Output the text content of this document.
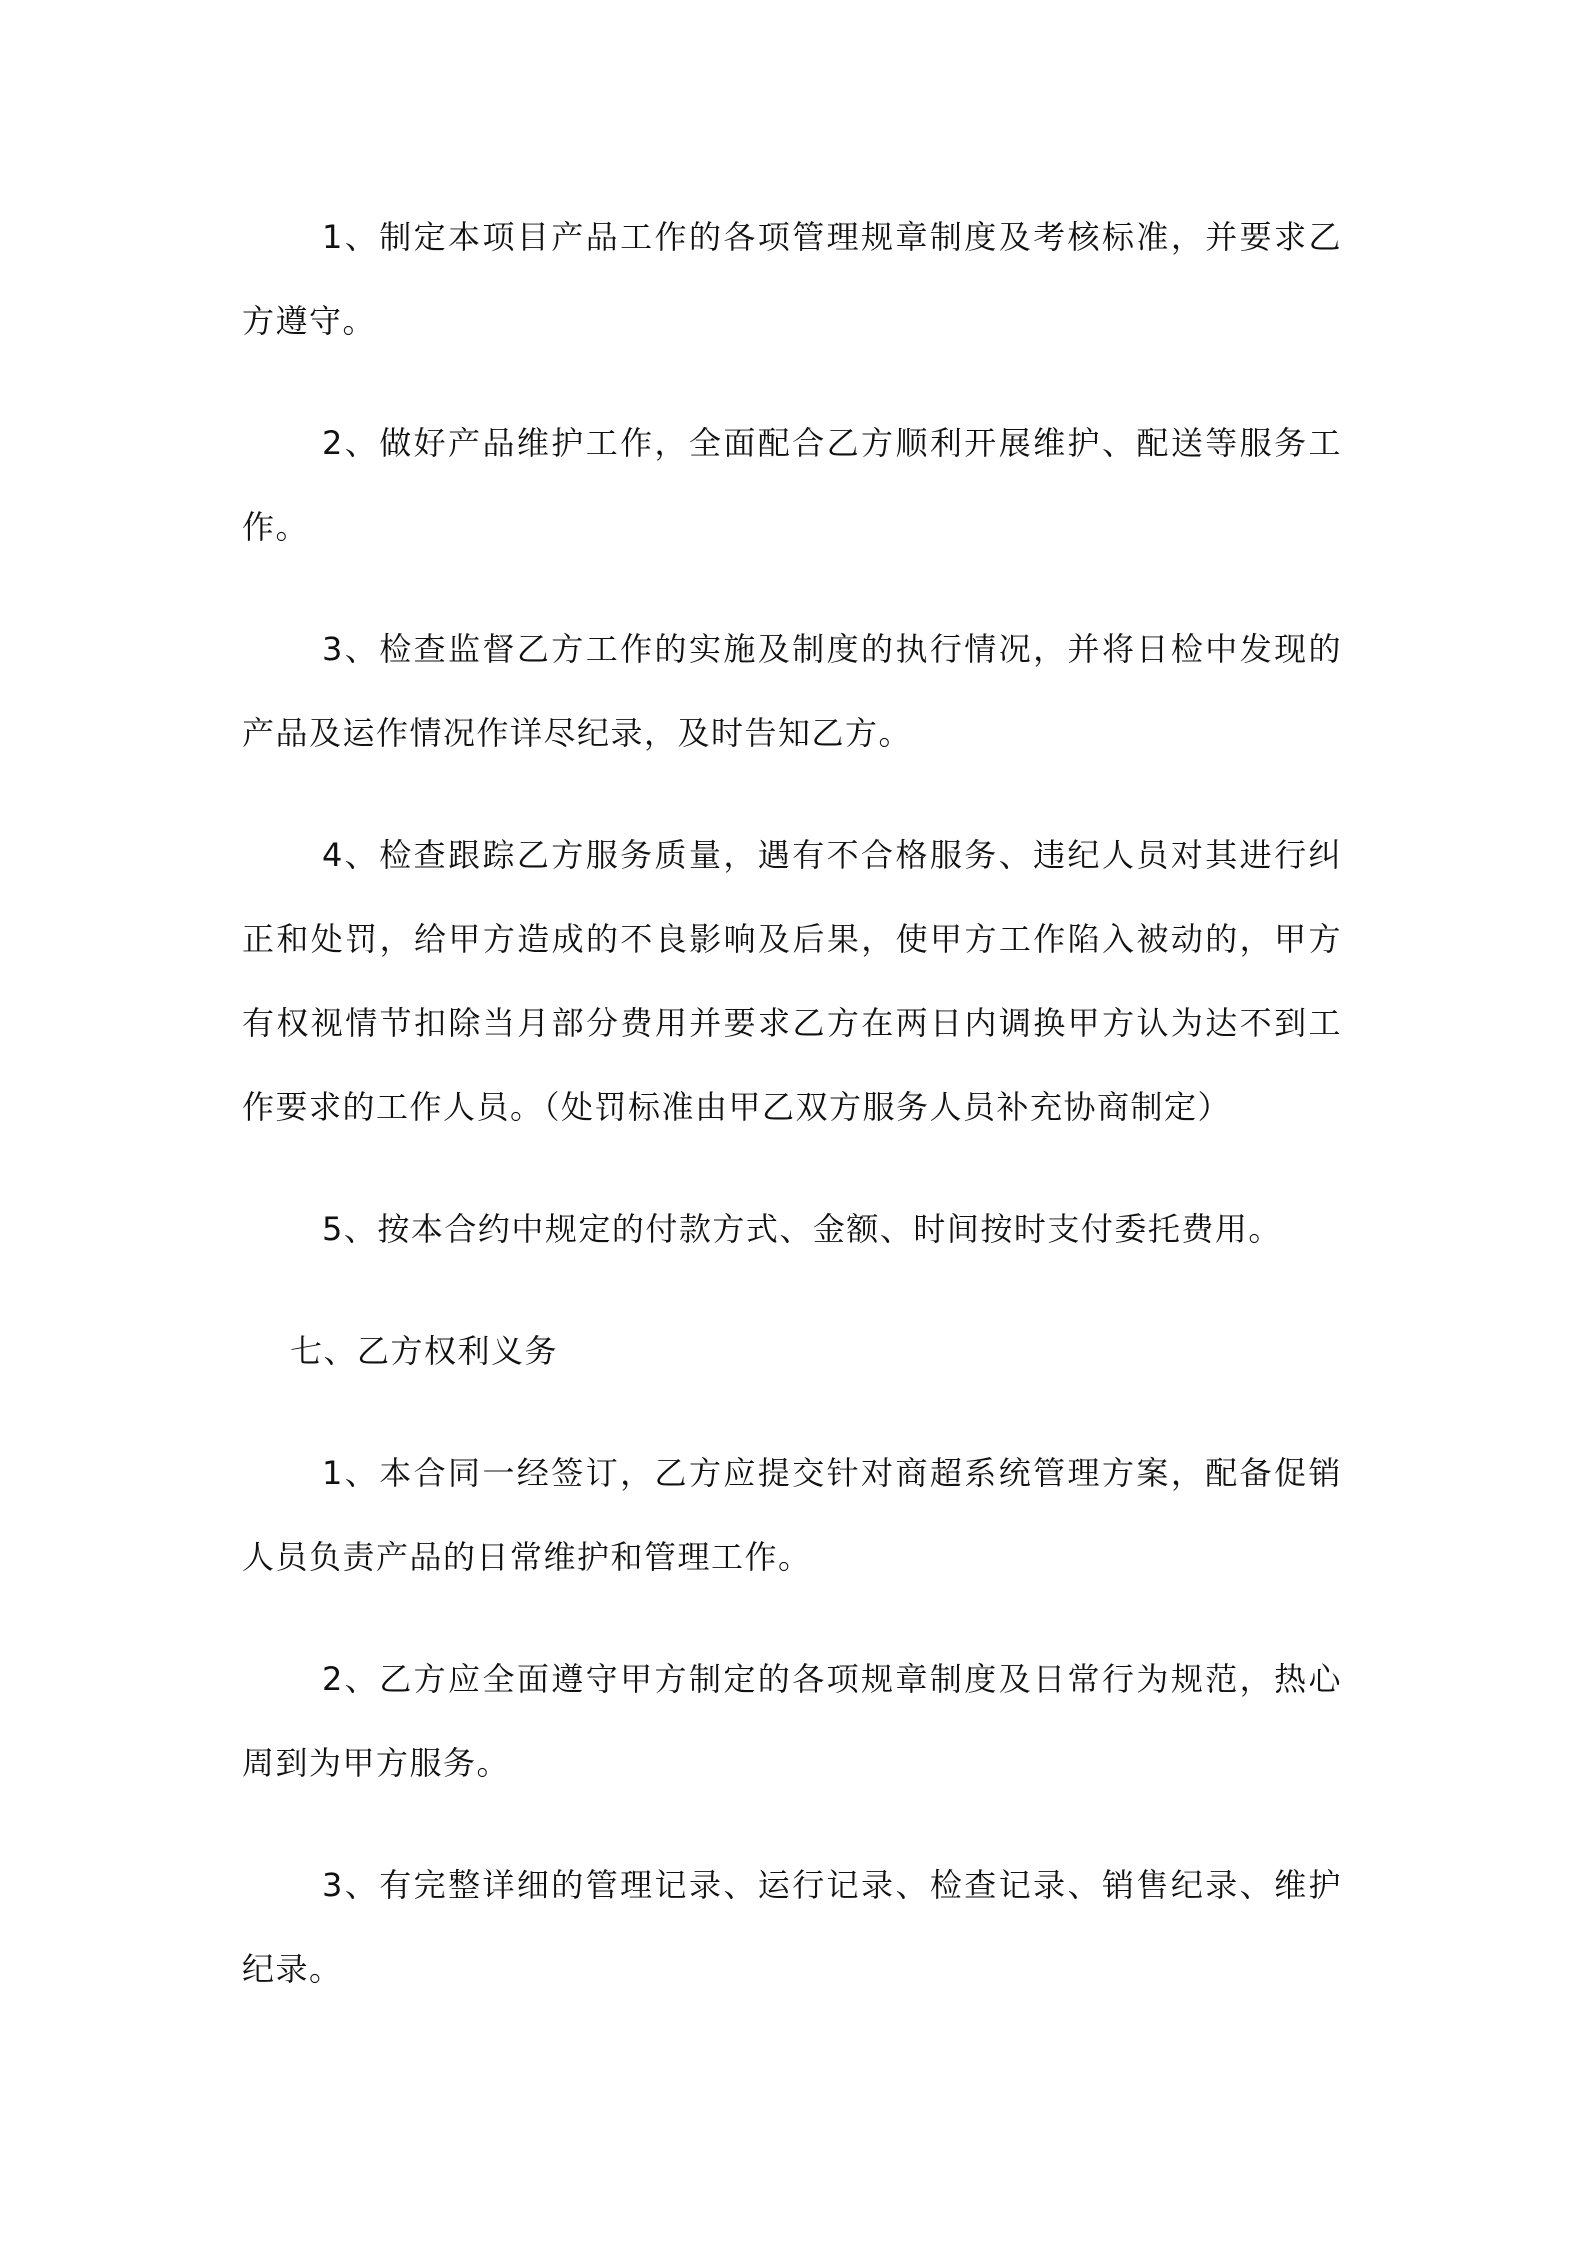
1、制定本项目产品工作的各项管理规章制度及考核标准，并要求乙方遵守。

2、做好产品维护工作，全面配合乙方顺利开展维护、配送等服务工作。

3、检查监督乙方工作的实施及制度的执行情况，并将日检中发现的产品及运作情况作详尽纪录，及时告知乙方。

4、检查跟踪乙方服务质量，遇有不合格服务、违纪人员对其进行纠正和处罚，给甲方造成的不良影响及后果，使甲方工作陷入被动的，甲方有权视情节扣除当月部分费用并要求乙方在两日内调换甲方认为达不到工作要求的工作人员。（处罚标准由甲乙双方服务人员补充协商制定）

5、按本合约中规定的付款方式、金额、时间按时支付委托费用。

七、乙方权利义务

1、本合同一经签订，乙方应提交针对商超系统管理方案，配备促销人员负责产品的日常维护和管理工作。

2、乙方应全面遵守甲方制定的各项规章制度及日常行为规范，热心周到为甲方服务。

3、有完整详细的管理记录、运行记录、检查记录、销售纪录、维护纪录。
